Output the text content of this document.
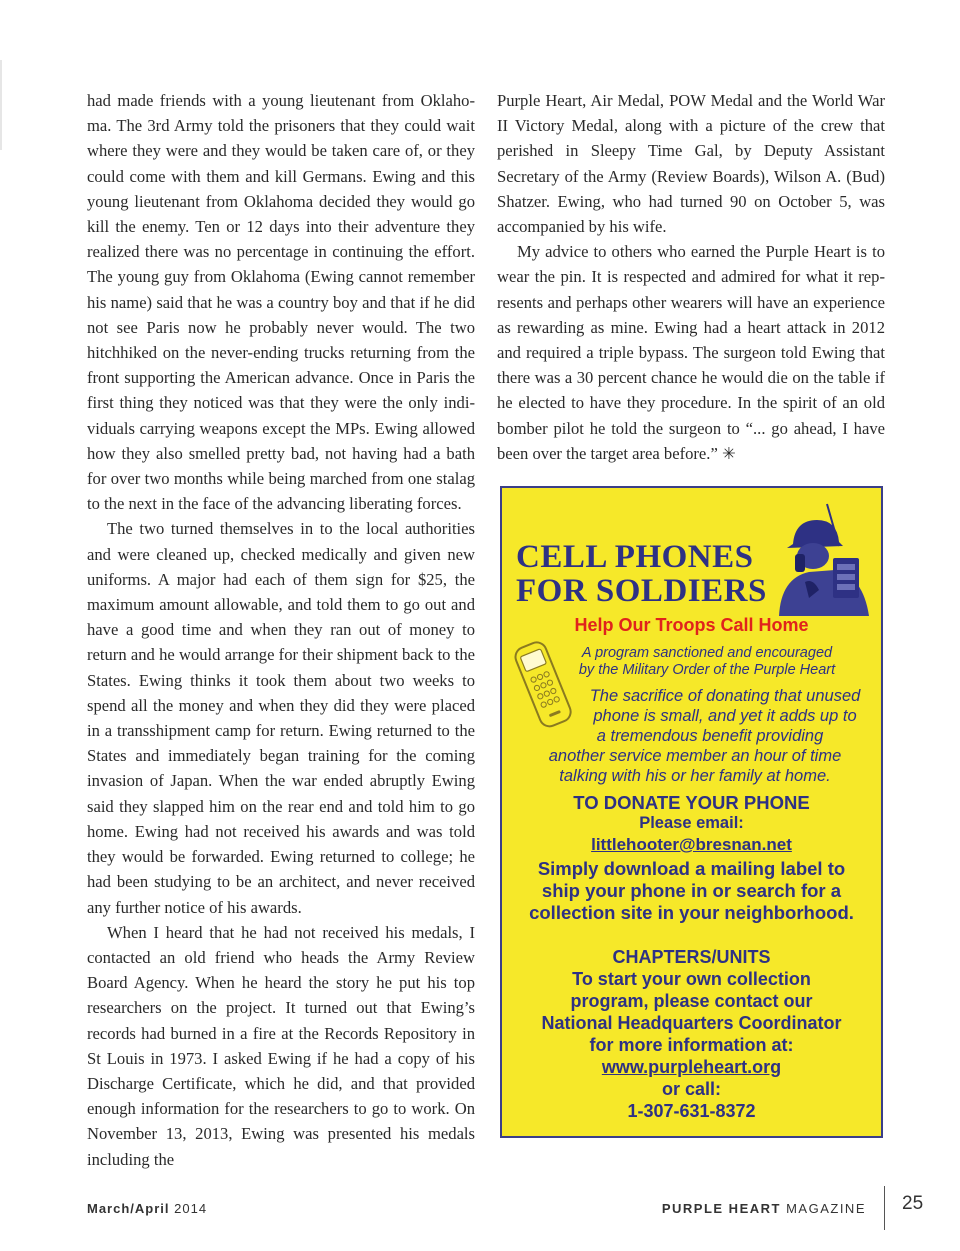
had made friends with a young lieutenant from Oklahoma. The 3rd Army told the prisoners that they could wait where they were and they would be taken care of, or they could come with them and kill Germans. Ewing and this young lieutenant from Oklahoma decided they would go kill the enemy. Ten or 12 days into their adventure they realized there was no percentage in continuing the effort. The young guy from Oklahoma (Ewing cannot remember his name) said that he was a country boy and that if he did not see Paris now he probably never would. The two hitchhiked on the never-ending trucks returning from the front supporting the American advance. Once in Paris the first thing they noticed was that they were the only individuals carrying weapons except the MPs. Ewing allowed how they also smelled pretty bad, not having had a bath for over two months while being marched from one stalag to the next in the face of the advancing liberating forces.

The two turned themselves in to the local authorities and were cleaned up, checked medically and given new uniforms. A major had each of them sign for $25, the maximum amount allowable, and told them to go out and have a good time and when they ran out of money to return and he would arrange for their shipment back to the States. Ewing thinks it took them about two weeks to spend all the money and when they did they were placed in a transshipment camp for return. Ewing returned to the States and immediately began training for the coming invasion of Japan. When the war ended abruptly Ewing said they slapped him on the rear end and told him to go home. Ewing had not received his awards and was told they would be forwarded. Ewing returned to college; he had been studying to be an architect, and never received any further notice of his awards.

When I heard that he had not received his medals, I contacted an old friend who heads the Army Review Board Agency. When he heard the story he put his top researchers on the project. It turned out that Ewing’s records had burned in a fire at the Records Repository in St Louis in 1973. I asked Ewing if he had a copy of his Discharge Certificate, which he did, and that provided enough information for the researchers to go to work. On November 13, 2013, Ewing was presented his medals including the

Purple Heart, Air Medal, POW Medal and the World War II Victory Medal, along with a picture of the crew that perished in Sleepy Time Gal, by Deputy Assistant Secretary of the Army (Review Boards), Wilson A. (Bud) Shatzer. Ewing, who had turned 90 on October 5, was accompanied by his wife.

My advice to others who earned the Purple Heart is to wear the pin. It is respected and admired for what it represents and perhaps other wearers will have an experience as rewarding as mine. Ewing had a heart attack in 2012 and required a triple bypass. The surgeon told Ewing that there was a 30 percent chance he would die on the table if he elected to have they procedure. In the spirit of an old bomber pilot he told the surgeon to “... go ahead, I have been over the target area before.” ✳

CELL PHONES
FOR SOLDIERS
Help Our Troops Call Home
A program sanctioned and encouraged
by the Military Order of the Purple Heart
The sacrifice of donating that unused
phone is small, and yet it adds up to
a tremendous benefit providing
another service member an hour of time
talking with his or her family at home.
TO DONATE YOUR PHONE
Please email:
littlehooter@bresnan.net
Simply download a mailing label to
ship your phone in or search for a
collection site in your neighborhood.
CHAPTERS/UNITS
To start your own collection
program, please contact our
National Headquarters Coordinator
for more information at:
www.purpleheart.org
or call:
1-307-631-8372
March/April 2014	PURPLE HEART MAGAZINE 25
